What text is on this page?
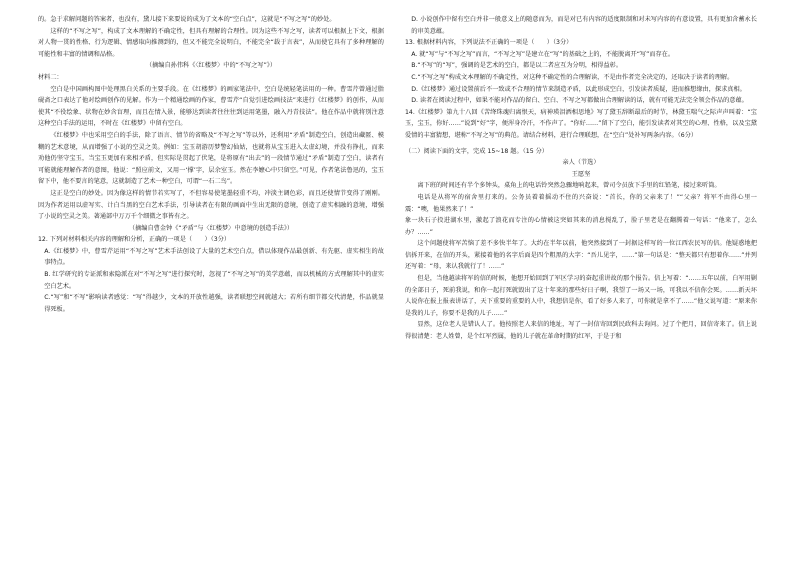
的。急于求解问题的答案者，也没有，黛儿接下来要说的成为了文本的“空白点”，这就是“不写之写”的妙处。

这样的“不写之写”，构成了文本理解的不确定性，但具有理解的合理性。因为这些不写之写，读者可以根据上下文，根据对人物一贯的性格、行为逻辑、情感取向推测到的，但又不能完全说明白，不能完全“载于言表”，从而使它具有了多种理解的可能性和丰富的情调和品格。

（摘编自孙伟科《〈红楼梦〉中的“不写之写”》）

材料二：

空白是中国画构图中处理黑白关系的主要手段。在《红楼梦》的画家笔法中，空白是统轻笔法用的一种。曹雪芹曾通过脂砚斋之口表达了他对绘画创作的见解。作为一个精通绘画的作家，曹雪芹“自觉引进绘画技法”来进行《红楼梦》的创作，从而使其“不役绘象、状物在妙含盲理，而且在情入景，能够达到读者往往往到运用笔墨，融入丹青技法”。他在作品中就将别注意这种空白手法的运用，不时在《红楼梦》中留有空白。

《红楼梦》中也采用空白的手法，除了语言、情节的省略及“不写之写”等以外，还利用“矛盾”制造空白，创造出藏匿、模糊的艺术意境，从而增强了小说的空灵之美。例如：宝玉胡游历梦警幻仙姑，也就将从宝玉进入太虚幻境，并没有挣扎，而来劝他仍坚守宝玉，当宝玉更加有来相矛盾，但实际是贯起了伏笔，是将原有“出去”的一段情节通过“矛盾”制造了空白，读者有可能就能理解作者的意图，他说：“照应前文，又用一‘撑’字，层余室玉。然在李嬷心中只留空。”可见，作者笔法鲁迅的，宝玉留下中，他不要言的笔意，这就制造了艺术一种空白，可谓“一石二鸟”。

这正是空白的妙处。因为像这样的情节若实写了，不但容易使笔墨轻重不均，冲淡主调色彩，而且还使情节变得了刚刚。因为作者运用以虚写实、计白当黑的空白艺术手法，引导读者在有限的画面中生出无限的意境，创造了虚实相融的意境，增强了小说的空灵之美。著通部中万万千个细微之事皆有之。

（摘编自曹金钟《“矛盾”与〈红楼梦〉中意境的创造手法》）

12. 下列对材料相关内容的理解和分析，正确的一项是（　　）（3分）

A.《红楼梦》中，曹雪芹运用“不写之写”艺术手法创设了大量的艺术空白点，借以体现作品最创新、有先驱、虚实相生的故事特点。

B. 红学研究的专证派和索隐派在对“不写之写”进行探究时，忽视了“不写之写”的美学意蕴，而以机械的方式理解其中的虚实空白艺术。

C.“写”和“不写”影响读者感觉：“写”得越少，文本的开放性越强，读者联想空间就越大；若所有细节都交代清楚，作品就显得死板。

D. 小说创作中留有空白并非一般意义上的随意而为，而是对已有内容的适度限制和对未写内容的有意设置，具有更加含蓄永长的审美意蕴。

13. 根据材料内容，下列说法不正确的一项是（　　）（3分）

A. 就“写”与“不写之写”而言，“不写之写”是建立在“写”的基础之上的，不能脱离开“写”而存在。

B.“不写”的“写”，强调的是艺术的空白，都是以二者应互为分明，相得益彰。

C.“不写之写”构成文本理解的不确定性，对这种不确定性的合理解读，不是由作者完全决定的，还取决于读者的理解。

D.《红楼梦》通过设置前后不一致或不合理的情节来制造矛盾，以此形成空白，引发读者质疑，进而推想缘由，探求真相。

D. 读者在阅读过程中，如果不能对作品的留白、空白、不写之写都做出合理解读的话，就有可能无法完全领会作品的意蕴。

14.《红楼梦》第九十八回《苦绛珠魂归离恨天，病神瑛泪洒相思地》写了黛玉辞断最后的时节，林黛玉喘气之际声声叫着：“宝玉，宝玉，你好……”说到“好”字，便浑身冷汗，不作声了。“你好……”留下了空白，能引发读者对其空的心理、性格，以及宝黛爱情的丰富猜想，堪称“不写之写”的典范。请结合材料，进行合理联想，在“空白”处补写两条内容。（6分）

（二）阅读下面的文字，完成 15~18 题。（15 分）

亲人（节选）

王愿坚

离下班的时间还有半个多钟头，桌角上的电话铃突然急骤地响起来，曾司令员放下手里的红铅笔，接过来听筒。

电话是从将军的宿舍里打来的。公务员着着摇动不住的兴奋说：“首长，你的父亲来了！”“父亲？将军不由得心里一震：“噢，他果然来了！”

象一块石子投进湖水里，激起了浪花而专注的心情被这突如其来的消息搅乱了，脸子里老是在翻腾着一句话：“他来了，怎么办？……”

这个问题使将军苦恼了差不多快半年了。大约在半年以前，他突然接到了一封据这样写的一位江西农民写的信。他疑惑地把信拆开来，在信的开头，紧接着他的名字后面是四个粗黑的大字：“吾儿见字，……”第一句话是：“整天都只有想着你……”并列还写着：“母，来认我就行了！……”

但是，当他越读将军的信的时候，他想开始回到了军区学习的奋起重讲故的那个报告。信上写着：“……五年以前，白军用剿的全部日子，死前我说，和你一起打死就毁出了这十年来的那些好日子啊，我望了一场又一场，可我以不信你会死。……新天坏人说你在报上报表讲话了，天下重要的重要的人中，我想信是你，看了好多人来了，可你就是拿不了……”他父说写道：“原来你是我的儿子，你要不是我的儿子……”

显然，这位老人是错认人了。他按照老人来信的地址，写了一封信寄回到民政科去询问。过了个把月，回信寄来了。信上说得很清楚：老人姓曾，是个红军烈属，他的儿子就在革命时期的红军，于是于和
